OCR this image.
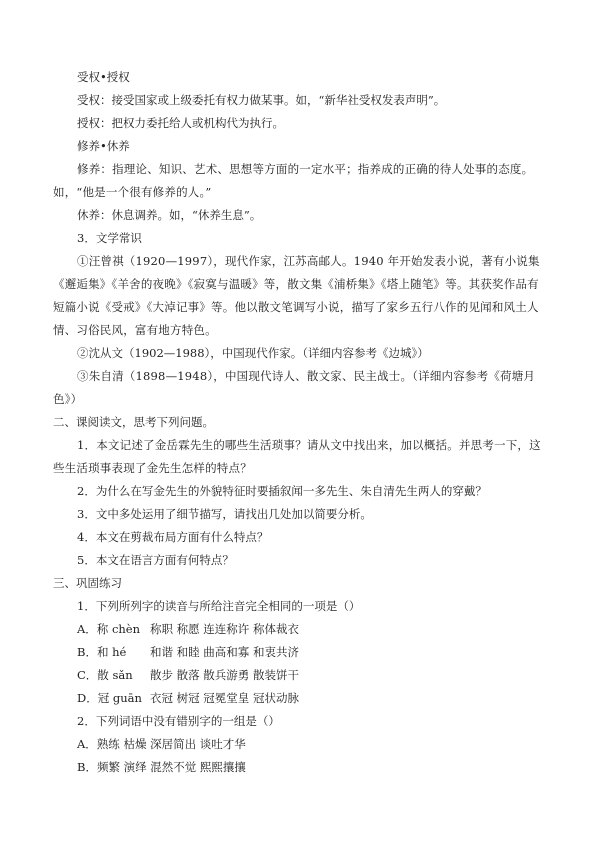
受权•授权

受权：接受国家或上级委托有权力做某事。如，“新华社受权发表声明”。

授权：把权力委托给人或机构代为执行。

修养•休养

修养：指理论、知识、艺术、思想等方面的一定水平；指养成的正确的待人处事的态度。如，“他是一个很有修养的人。”

休养：休息调养。如，“休养生息”。

3．文学常识

①汪曾祺（1920—1997），现代作家，江苏高邮人。1940 年开始发表小说，著有小说集《邂逅集》《羊舍的夜晚》《寂寞与温暖》等，散文集《浦桥集》《塔上随笔》等。其获奖作品有短篇小说《受戒》《大淖记事》等。他以散文笔调写小说，描写了家乡五行八作的见闻和风土人情、习俗民风，富有地方特色。

②沈从文（1902—1988），中国现代作家。（详细内容参考《边城》）

③朱自清（1898—1948），中国现代诗人、散文家、民主战士。（详细内容参考《荷塘月色》）

二、课阅读文，思考下列问题。

1．本文记述了金岳霖先生的哪些生活琐事？请从文中找出来，加以概括。并思考一下，这些生活琐事表现了金先生怎样的特点？

2．为什么在写金先生的外貌特征时要插叙闻一多先生、朱自清先生两人的穿戴？

3．文中多处运用了细节描写，请找出几处加以简要分析。

4．本文在剪裁布局方面有什么特点？

5．本文在语言方面有何特点？

三、巩固练习

1．下列所列字的读音与所给注音完全相同的一项是（）

A．称 chèn 称职 称愿 连连称许 称体裁衣

B．和 hé 和谐 和睦 曲高和寡 和衷共济

C．散 sǎn 散步 散落 散兵游勇 散装饼干

D．冠 guān 衣冠 树冠 冠冕堂皇 冠状动脉

2．下列词语中没有错别字的一组是（）

A．熟练 枯燥 深居简出 谈吐才华

B．频繁 演绎 混然不觉 熙熙攘攘
